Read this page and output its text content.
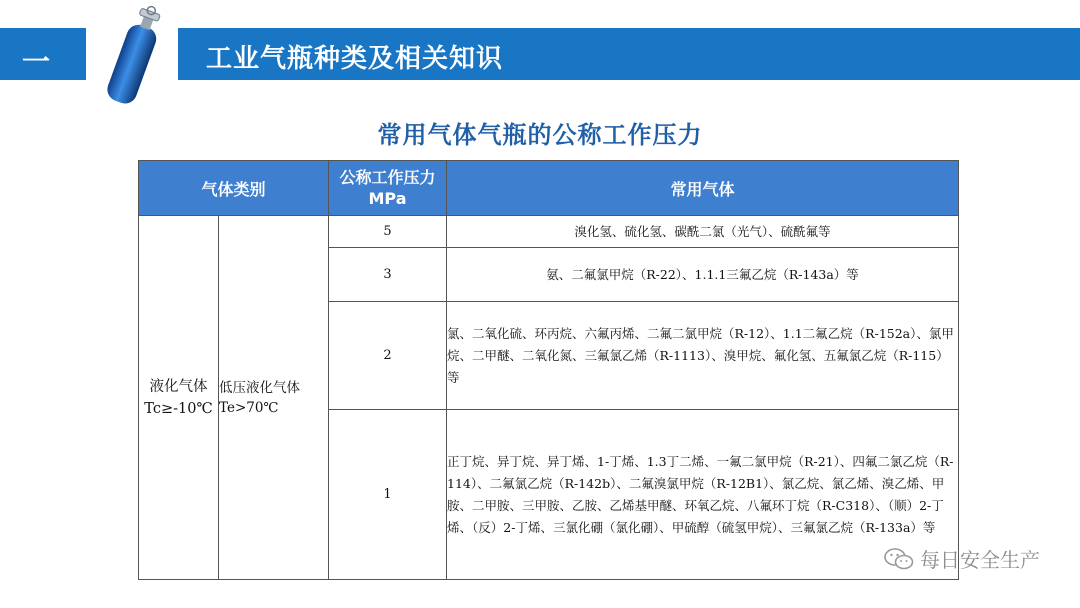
一	工业气瓶种类及相关知识
常用气体气瓶的公称工作压力
气体类别		公称工作压力MPa	常用气体
液化气体 Tc≥-10℃	低压液化气体 Te>70℃	5	溴化氢、硫化氢、碳酰二氯（光气）、硫酰氟等
		3	氨、二氟氯甲烷（R-22）、1.1.1三氟乙烷（R-143a）等
		2	氯、二氧化硫、环丙烷、六氟丙烯、二氟二氯甲烷（R-12）、1.1二氟乙烷（R-152a）、氯甲烷、二甲醚、二氧化氮、三氟氯乙烯（R-1113）、溴甲烷、氟化氢、五氟氯乙烷（R-115）等
		1	正丁烷、异丁烷、异丁烯、1-丁烯、1.3丁二烯、一氟二氯甲烷（R-21）、四氟二氯乙烷（R-114）、二氟氯乙烷（R-142b）、二氟溴氯甲烷（R-12B1）、氯乙烷、氯乙烯、溴乙烯、甲胺、二甲胺、三甲胺、乙胺、乙烯基甲醚、环氧乙烷、八氟环丁烷（R-C318）、（顺）2-丁烯、（反）2-丁烯、三氯化硼（氯化硼）、甲硫醇（硫氢甲烷）、三氟氯乙烷（R-133a）等
每日安全生产
